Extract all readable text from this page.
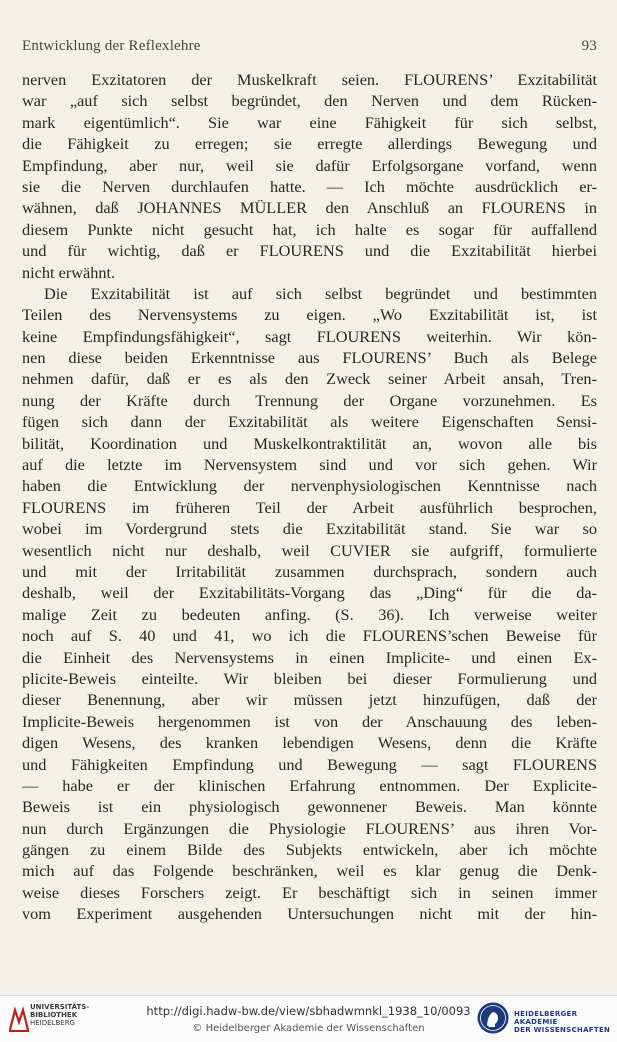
Entwicklung der Reflexlehre	93
nerven Exzitatoren der Muskelkraft seien. FLOURENS’ Exzitabilität
war „auf sich selbst begründet, den Nerven und dem Rücken-
mark eigentümlich“. Sie war eine Fähigkeit für sich selbst,
die Fähigkeit zu erregen; sie erregte allerdings Bewegung und
Empfindung, aber nur, weil sie dafür Erfolgsorgane vorfand, wenn
sie die Nerven durchlaufen hatte. — Ich möchte ausdrücklich er-
wähnen, daß JOHANNES MÜLLER den Anschluß an FLOURENS in
diesem Punkte nicht gesucht hat, ich halte es sogar für auffallend
und für wichtig, daß er FLOURENS und die Exzitabilität hierbei
nicht erwähnt.
Die Exzitabilität ist auf sich selbst begründet und bestimmten
Teilen des Nervensystems zu eigen. „Wo Exzitabilität ist, ist
keine Empfindungsfähigkeit“, sagt FLOURENS weiterhin. Wir kön-
nen diese beiden Erkenntnisse aus FLOURENS’ Buch als Belege
nehmen dafür, daß er es als den Zweck seiner Arbeit ansah, Tren-
nung der Kräfte durch Trennung der Organe vorzunehmen. Es
fügen sich dann der Exzitabilität als weitere Eigenschaften Sensi-
bilität, Koordination und Muskelkontraktilität an, wovon alle bis
auf die letzte im Nervensystem sind und vor sich gehen. Wir
haben die Entwicklung der nervenphysiologischen Kenntnisse nach
FLOURENS im früheren Teil der Arbeit ausführlich besprochen,
wobei im Vordergrund stets die Exzitabilität stand. Sie war so
wesentlich nicht nur deshalb, weil CUVIER sie aufgriff, formulierte
und mit der Irritabilität zusammen durchsprach, sondern auch
deshalb, weil der Exzitabilitäts-Vorgang das „Ding“ für die da-
malige Zeit zu bedeuten anfing. (S. 36). Ich verweise weiter
noch auf S. 40 und 41, wo ich die FLOURENS’schen Beweise für
die Einheit des Nervensystems in einen Implicite- und einen Ex-
plicite-Beweis einteilte. Wir bleiben bei dieser Formulierung und
dieser Benennung, aber wir müssen jetzt hinzufügen, daß der
Implicite-Beweis hergenommen ist von der Anschauung des leben-
digen Wesens, des kranken lebendigen Wesens, denn die Kräfte
und Fähigkeiten Empfindung und Bewegung — sagt FLOURENS
— habe er der klinischen Erfahrung entnommen. Der Explicite-
Beweis ist ein physiologisch gewonnener Beweis. Man könnte
nun durch Ergänzungen die Physiologie FLOURENS’ aus ihren Vor-
gängen zu einem Bilde des Subjekts entwickeln, aber ich möchte
mich auf das Folgende beschränken, weil es klar genug die Denk-
weise dieses Forschers zeigt. Er beschäftigt sich in seinen immer
vom Experiment ausgehenden Untersuchungen nicht mit der hin-
UNIVERSITÄTS-
BIBLIOTHEK
HEIDELBERG
http://digi.hadw-bw.de/view/sbhadwmnkl_1938_10/0093
© Heidelberger Akademie der Wissenschaften
HEIDELBERGER AKADEMIE
DER WISSENSCHAFTEN
